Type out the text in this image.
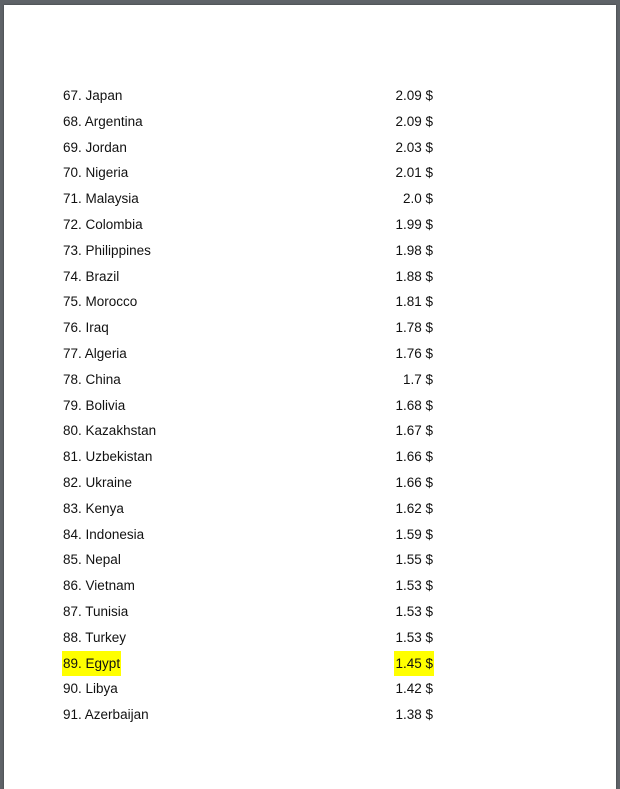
67. Japan	2.09 $
68. Argentina	2.09 $
69. Jordan	2.03 $
70. Nigeria	2.01 $
71. Malaysia	2.0 $
72. Colombia	1.99 $
73. Philippines	1.98 $
74. Brazil	1.88 $
75. Morocco	1.81 $
76. Iraq	1.78 $
77. Algeria	1.76 $
78. China	1.7 $
79. Bolivia	1.68 $
80. Kazakhstan	1.67 $
81. Uzbekistan	1.66 $
82. Ukraine	1.66 $
83. Kenya	1.62 $
84. Indonesia	1.59 $
85. Nepal	1.55 $
86. Vietnam	1.53 $
87. Tunisia	1.53 $
88. Turkey	1.53 $
89. Egypt	1.45 $
90. Libya	1.42 $
91. Azerbaijan	1.38 $
